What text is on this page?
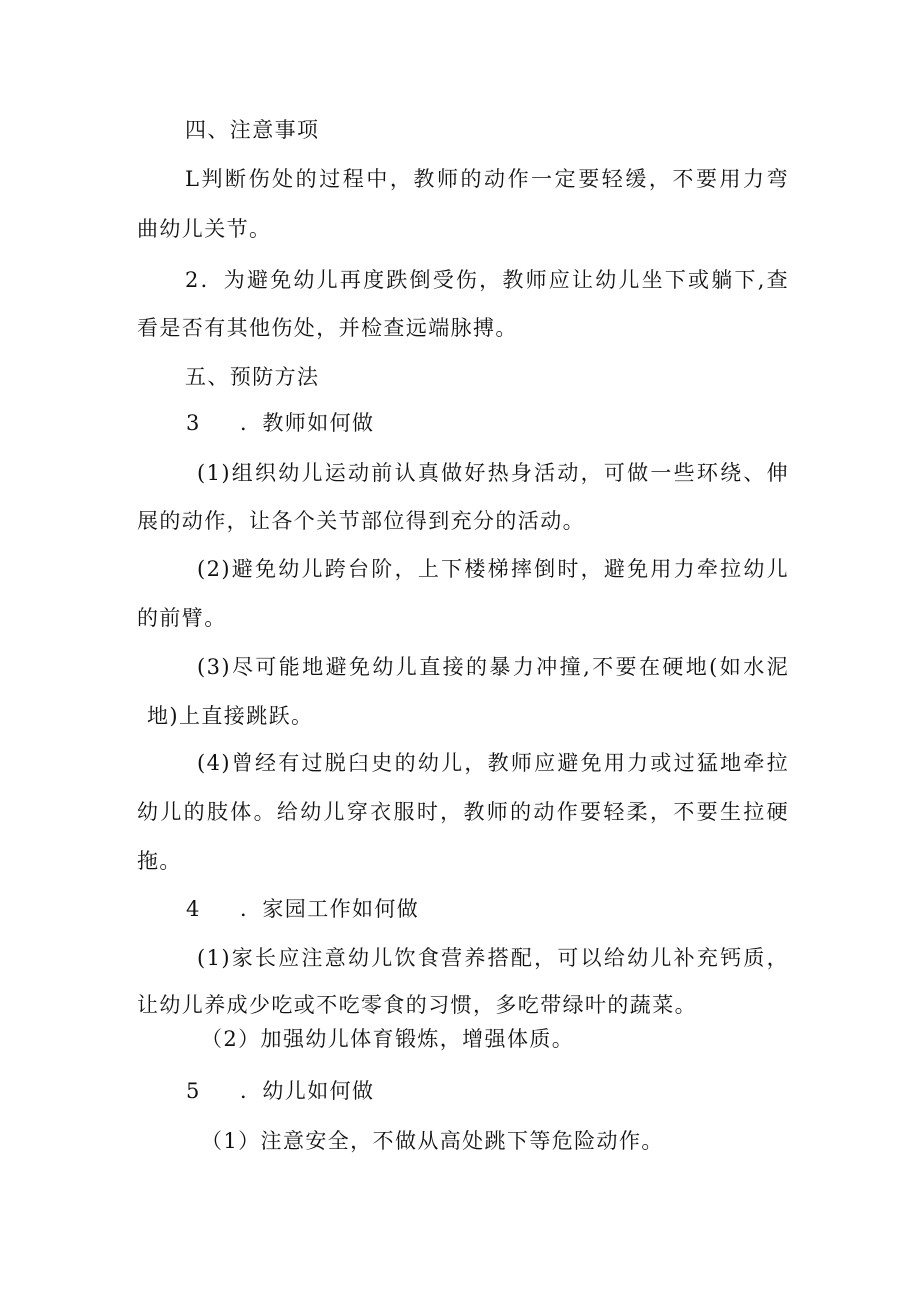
四、注意事项

L判断伤处的过程中，教师的动作一定要轻缓，不要用力弯

曲幼儿关节。

2．为避免幼儿再度跌倒受伤，教师应让幼儿坐下或躺下,查

看是否有其他伤处，并检查远端脉搏。

五、预防方法

3 ．教师如何做

(1)组织幼儿运动前认真做好热身活动，可做一些环绕、伸

展的动作，让各个关节部位得到充分的活动。

(2)避免幼儿跨台阶，上下楼梯摔倒时，避免用力牵拉幼儿

的前臂。

(3)尽可能地避免幼儿直接的暴力冲撞,不要在硬地(如水泥

地)上直接跳跃。

(4)曾经有过脱臼史的幼儿，教师应避免用力或过猛地牵拉

幼儿的肢体。给幼儿穿衣服时，教师的动作要轻柔，不要生拉硬

拖。

4 ．家园工作如何做

(1)家长应注意幼儿饮食营养搭配，可以给幼儿补充钙质，

让幼儿养成少吃或不吃零食的习惯，多吃带绿叶的蔬菜。

（2）加强幼儿体育锻炼，增强体质。

5 ．幼儿如何做

（1）注意安全，不做从高处跳下等危险动作。
